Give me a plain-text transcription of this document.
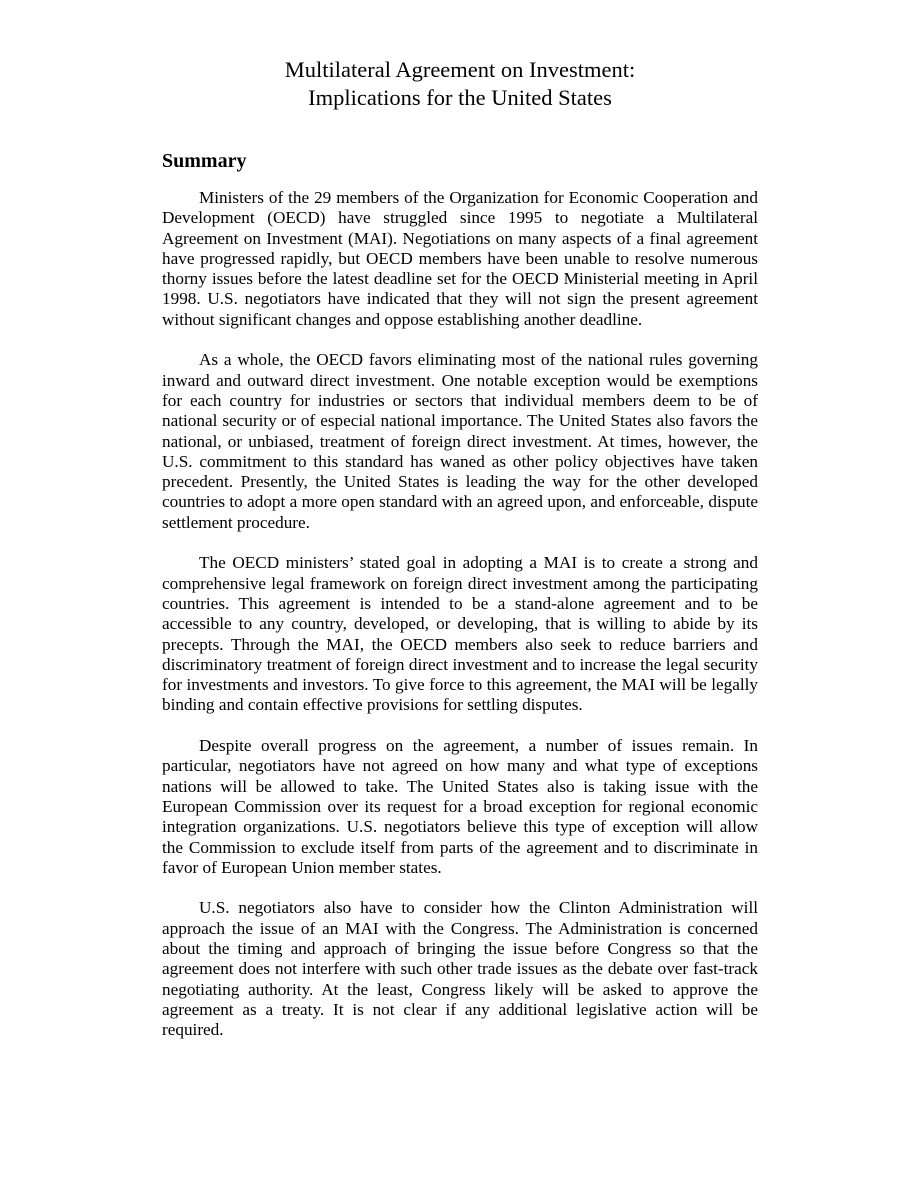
Multilateral Agreement on Investment:
Implications for the United States
Summary

Ministers of the 29 members of the Organization for Economic Cooperation and Development (OECD) have struggled since 1995 to negotiate a Multilateral Agreement on Investment (MAI). Negotiations on many aspects of a final agreement have progressed rapidly, but OECD members have been unable to resolve numerous thorny issues before the latest deadline set for the OECD Ministerial meeting in April 1998. U.S. negotiators have indicated that they will not sign the present agreement without significant changes and oppose establishing another deadline.

As a whole, the OECD favors eliminating most of the national rules governing inward and outward direct investment. One notable exception would be exemptions for each country for industries or sectors that individual members deem to be of national security or of especial national importance. The United States also favors the national, or unbiased, treatment of foreign direct investment. At times, however, the U.S. commitment to this standard has waned as other policy objectives have taken precedent. Presently, the United States is leading the way for the other developed countries to adopt a more open standard with an agreed upon, and enforceable, dispute settlement procedure.

The OECD ministers’ stated goal in adopting a MAI is to create a strong and comprehensive legal framework on foreign direct investment among the participating countries. This agreement is intended to be a stand-alone agreement and to be accessible to any country, developed, or developing, that is willing to abide by its precepts. Through the MAI, the OECD members also seek to reduce barriers and discriminatory treatment of foreign direct investment and to increase the legal security for investments and investors. To give force to this agreement, the MAI will be legally binding and contain effective provisions for settling disputes.

Despite overall progress on the agreement, a number of issues remain. In particular, negotiators have not agreed on how many and what type of exceptions nations will be allowed to take. The United States also is taking issue with the European Commission over its request for a broad exception for regional economic integration organizations. U.S. negotiators believe this type of exception will allow the Commission to exclude itself from parts of the agreement and to discriminate in favor of European Union member states.

U.S. negotiators also have to consider how the Clinton Administration will approach the issue of an MAI with the Congress. The Administration is concerned about the timing and approach of bringing the issue before Congress so that the agreement does not interfere with such other trade issues as the debate over fast-track negotiating authority. At the least, Congress likely will be asked to approve the agreement as a treaty. It is not clear if any additional legislative action will be required.
